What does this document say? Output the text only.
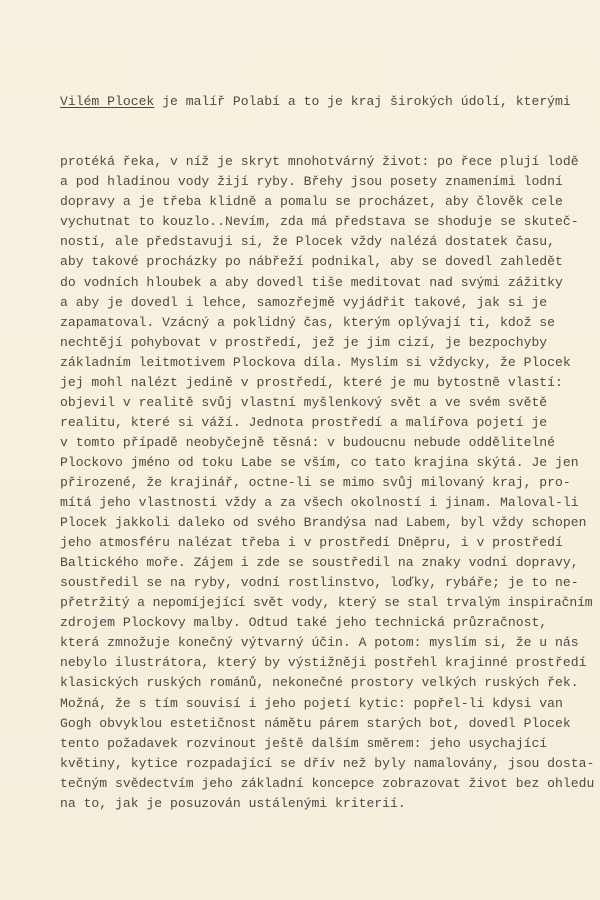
Vilém Plocek je malíř Polabí a to je kraj širokých údolí, kterými

protéká řeka, v níž je skryt mnohotvárný život: po řece plují lodě
a pod hladinou vody žijí ryby. Břehy jsou posety znameními lodní
dopravy a je třeba klidně a pomalu se procházet, aby člověk cele
vychutnat to kouzlo..Nevím, zda má představa se shoduje se skuteč-
ností, ale představuji si, že Plocek vždy nalézá dostatek času,
aby takové procházky po nábřeží podnikal, aby se dovedl zahledět
do vodních hloubek a aby dovedl tiše meditovat nad svými zážitky
a aby je dovedl i lehce, samozřejmě vyjádřit takové, jak si je
zapamatoval. Vzácný a poklidný čas, kterým oplývají ti, kdož se
nechtějí pohybovat v prostředí, jež je jim cizí, je bezpochyby
základním leitmotivem Plockova díla. Myslím si vždycky, že Plocek
jej mohl nalézt jedině v prostředí, které je mu bytostně vlastí:
objevil v realitě svůj vlastní myšlenkový svět a ve svém světě
realitu, které si váží. Jednota prostředí a malířova pojetí je
v tomto případě neobyčejně těsná: v budoucnu nebude oddělitelné
Plockovo jméno od toku Labe se vším, co tato krajina skýtá. Je jen
přirozené, že krajinář, octne-li se mimo svůj milovaný kraj, pro-
mítá jeho vlastnosti vždy a za všech okolností i jinam. Maloval-li
Plocek jakkoli daleko od svého Brandýsa nad Labem, byl vždy schopen
jeho atmosféru nalézat třeba i v prostředí Dněpru, i v prostředí
Baltického moře. Zájem i zde se soustředil na znaky vodní dopravy,
soustředil se na ryby, vodní rostlinstvo, loďky, rybáře; je to ne-
přetržitý a nepomíjející svět vody, který se stal trvalým inspiračním
zdrojem Plockovy malby. Odtud také jeho technická průzračnost,
která zmnožuje konečný výtvarný účin. A potom: myslím si, že u nás
nebylo ilustrátora, který by výstižněji postřehl krajinné prostředí
klasických ruských románů, nekonečné prostory velkých ruských řek.
Možná, že s tím souvisí i jeho pojetí kytic: popřel-li kdysi van
Gogh obvyklou estetičnost námětu párem starých bot, dovedl Plocek
tento požadavek rozvinout ještě dalším směrem: jeho usychající
květiny, kytice rozpadající se dřív než byly namalovány, jsou dosta-
tečným svědectvím jeho základní koncepce zobrazovat život bez ohledu
na to, jak je posuzován ustálenými kriterií.
